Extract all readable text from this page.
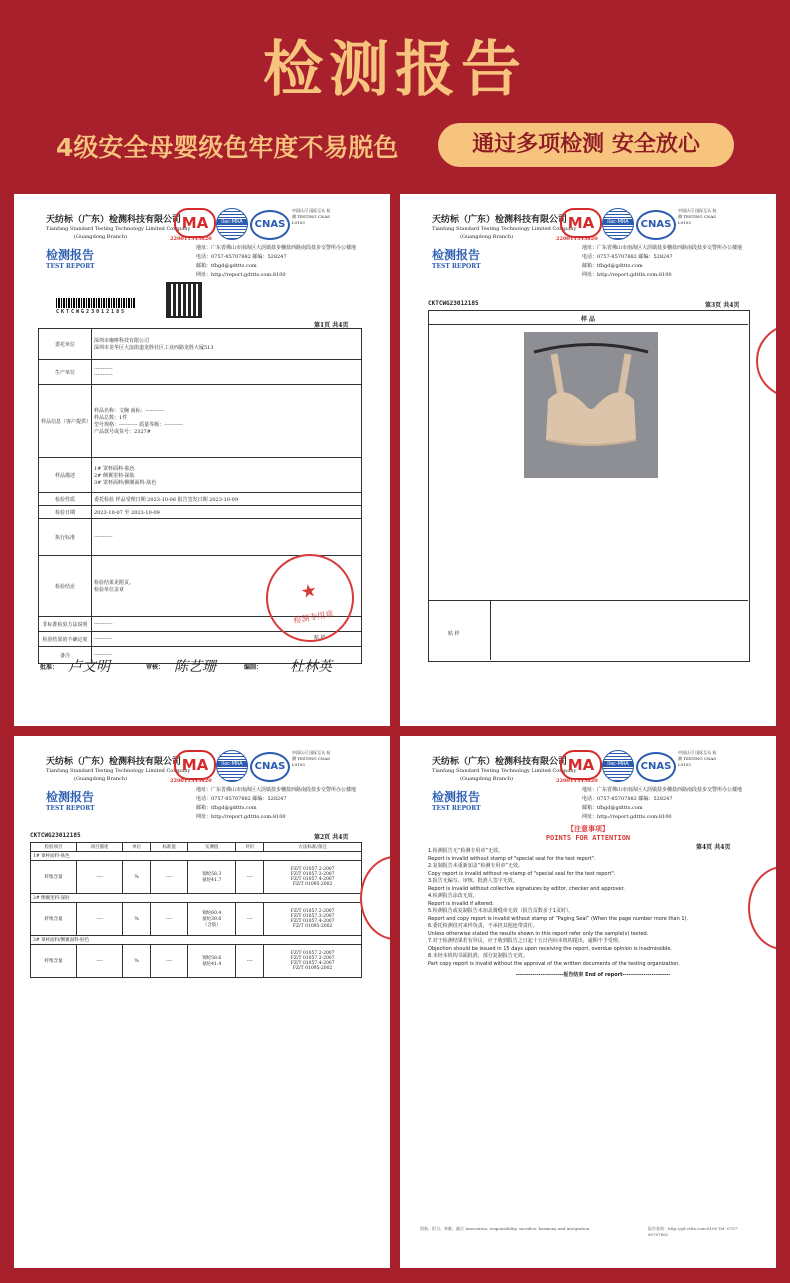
检测报告
4级安全母婴级色牢度不易脱色	通过多项检测 安全放心
天纺标（广东）检测科技有限公司
Tianfang Standard Testing Technology Limited Company
(Guangdong Branch)
MA
220011343820
ilac-MRA	CNAS
中国认可 国际互认 检测 TESTING CNAS L9103
检测报告
TEST REPORT
地址：广东省佛山市南海区大沥镇盐步穗盐西路南段盐步交警所办公楼地
电话：0757-85707882 邮编：528247
邮箱：tfbgd@gdttts.com
网址：http://report.gdttts.com:8100
CKTCWG23012185
第1页 共4页
委托单位	深圳市咖啡科技有限公司
深圳市龙华区大浪街道龙胜社区工业西路龙胜大厦513
生产单位	-----------
-----------
样品信息（客户提供）	样品名称：文胸 商标：-----------
样品总数：1件
型号规格：----------- 质量等级：-----------
产品款号或货号：2327#
样品描述	1# 罩杯面料-肤色
2# 侧翼里料-深肤
3# 罩杯面料/侧翼面料-肤色
检验性质	委托检验 样品受理日期 2023-10-06 报告签发日期 2023-10-09
检验日期	2023-10-07 至 2023-10-09
执行标准	-----------
检验结论	检验结果见附页。
检验单位盖章
非标准检验方法说明	-----------
检验结果的不确定度	-----------
备注	-----------
贴 样
★
检测专用章
批准： 卢文明	审核： 陈艺珊	编制： 杜林英
天纺标（广东）检测科技有限公司
Tianfang Standard Testing Technology Limited Company
(Guangdong Branch)
MA
220011343820
ilac-MRA	CNAS
中国认可 国际互认 检测 TESTING CNAS L9103
检测报告
TEST REPORT
地址：广东省佛山市南海区大沥镇盐步穗盐西路南段盐步交警所办公楼地
电话：0757-85707882 邮编：528247
邮箱：tfbgd@gdttts.com
网址：http://report.gdttts.com:8100
CKTCWG23012185	第3页 共4页
样 品
贴 样
天纺标（广东）检测科技有限公司
Tianfang Standard Testing Technology Limited Company
(Guangdong Branch)
MA
220011343820
ilac-MRA	CNAS
中国认可 国际互认 检测 TESTING CNAS L9103
检测报告
TEST REPORT
地址：广东省佛山市南海区大沥镇盐步穗盐西路南段盐步交警所办公楼地
电话：0757-85707882 邮编：528247
邮箱：tfbgd@gdttts.com
网址：http://report.gdttts.com:8100
CKTCWG23012185	第2页 共4页
检验项目	项目描述	单位	标准值	实测值	评价	方法标准/备注
1# 罩杯面料-肤色						
纤维含量	----	%	----	锦纶58.3
氨纶41.7	----	FZ/T 01057.2-2007
FZ/T 01057.3-2007
FZ/T 01057.4-2007
FZ/T 01095-2002
2# 侧翼里料-深肤						
纤维含量	----	%	----	锦纶60.4
氨纶39.6
（含胶）	----	FZ/T 01057.2-2007
FZ/T 01057.3-2007
FZ/T 01057.4-2007
FZ/T 01095-2002
3# 罩杯面料/侧翼面料-肤色						
纤维含量	----	%	----	锦纶58.6
氨纶41.4	----	FZ/T 01057.2-2007
FZ/T 01057.3-2007
FZ/T 01057.4-2007
FZ/T 01095-2002
天纺标（广东）检测科技有限公司
Tianfang Standard Testing Technology Limited Company
(Guangdong Branch)
MA
220011343820
ilac-MRA	CNAS
中国认可 国际互认 检测 TESTING CNAS L9103
检测报告
TEST REPORT
地址：广东省佛山市南海区大沥镇盐步穗盐西路南段盐步交警所办公楼地
电话：0757-85707882 邮编：528247
邮箱：tfbgd@gdttts.com
网址：http://report.gdttts.com:8100
【注意事项】
POINTS FOR ATTENTION
第4页 共4页
1.检测报告无“检测专用章”无效。
Report is invalid without stamp of "special seal for the test report".
2.复制报告未重新加盖“检测专用章”无效。
Copy report is invalid without re-stamp of "special seal for the test report".
3.报告无编写、审核、批准人签字无效。
Report is invalid without collective signatures by editor, checker and approver.
4.检测报告涂改无效。
Report is invalid if altered.
5.检测报告或复制报告未加盖骑缝章无效（报告页数多于1页时）。
Report and copy report is invalid without stamp of “Paging Seal” (When the page number more than 1).
6.委托检测仅对来样负责，不承担其他连带责任。
Unless otherwise stated the results shown in this report refer only the sample(s) tested.
7.对于检测结果若有异议，应于收到报告之日起十五日内向本机构提出，逾期不予受理。
Objection should be issued in 15 days upon receiving the report, overdue opinion is inadmissible.
8.未经本机构书面批准，部分复制报告无效。
Part copy report is invalid without the approval of the written documents of the testing organization.
-----------------------报告结束 End of report-----------------------
创新、担当、奉献、融合 Innovation, responsibility, sacrifice, harmony and integration	报告查询：http://gd.cttts.com:8100 Tel: 0757-85707882
